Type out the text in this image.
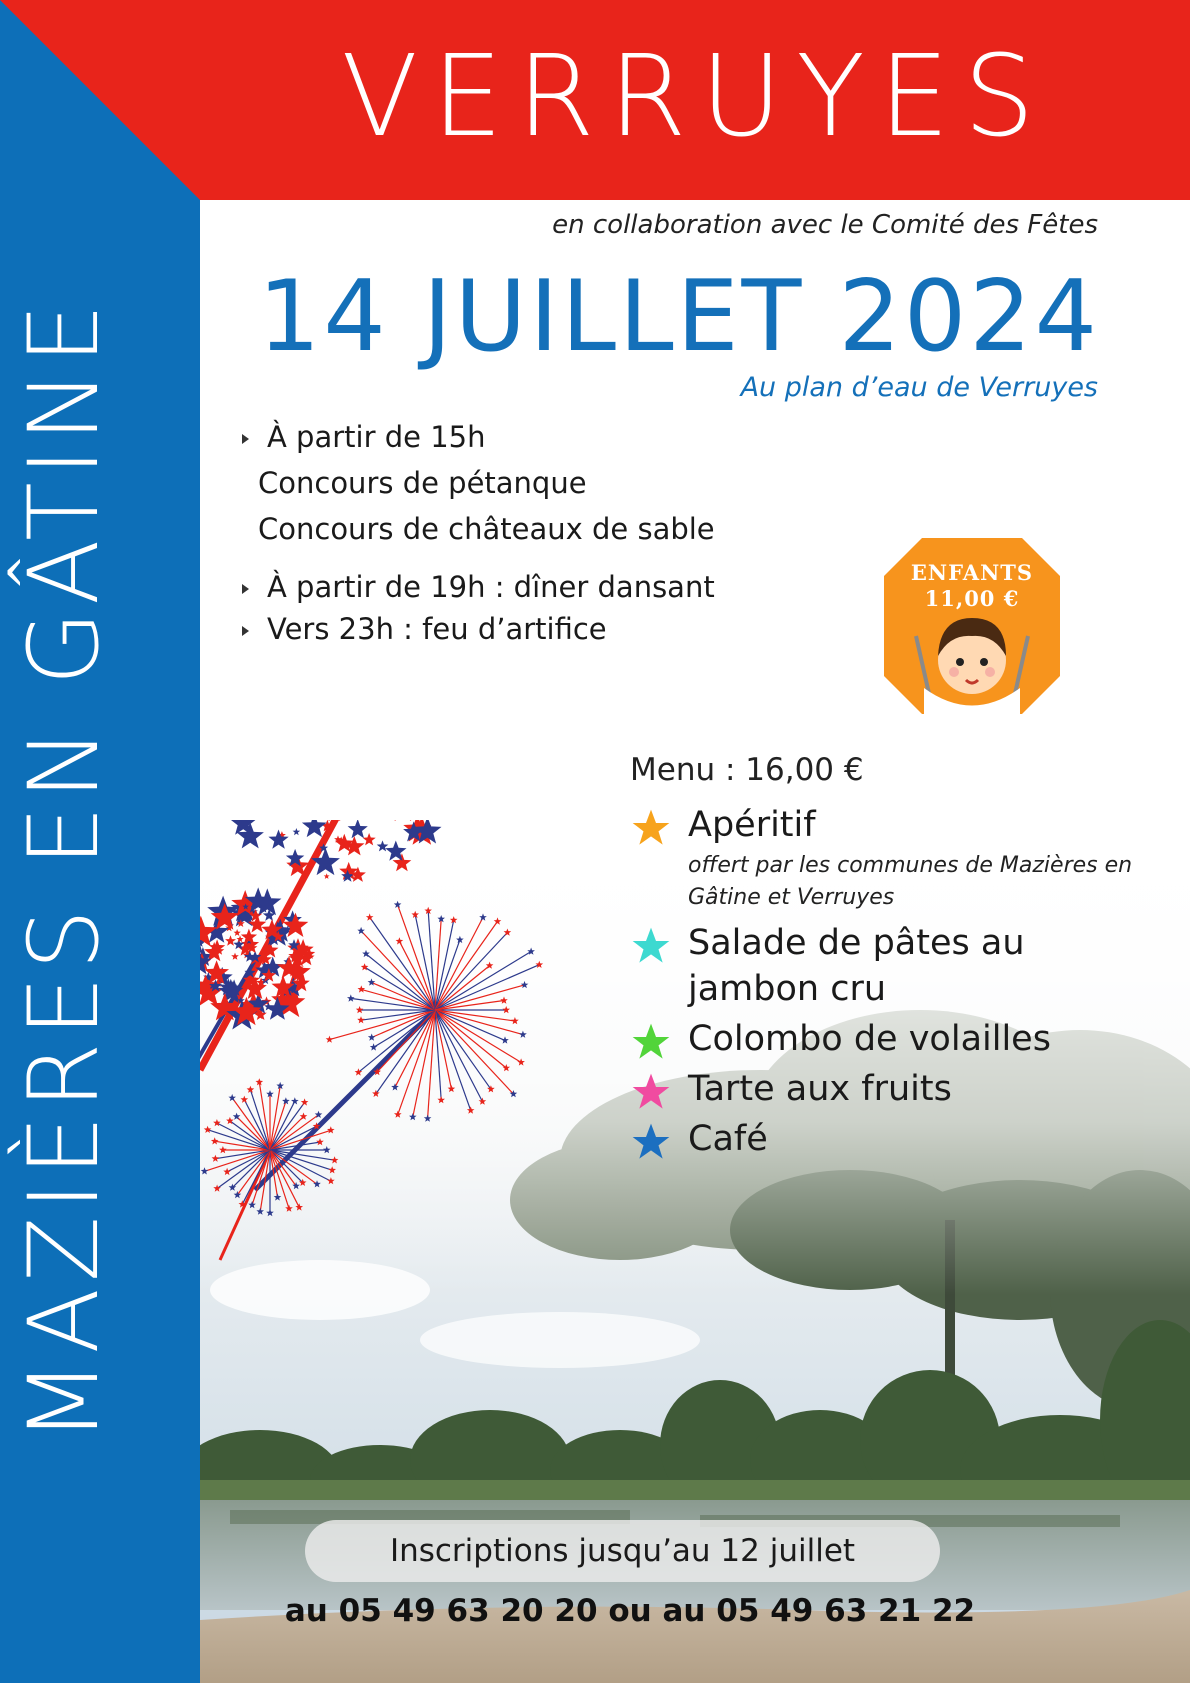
VERRUYES
MAZIÈRES EN GÂTINE
en collaboration avec le Comité des Fêtes
14 JUILLET 2024
Au plan d’eau de Verruyes
À partir de 15h
Concours de pétanque
Concours de châteaux de sable
À partir de 19h : dîner dansant
Vers 23h : feu d’artifice
ENFANTS
11,00 €
Menu : 16,00 €
Apéritif
offert par les communes de Mazières en Gâtine et Verruyes
Salade de pâtes au jambon cru
Colombo de volailles
Tarte aux fruits
Café
Inscriptions jusqu’au 12 juillet
au 05 49 63 20 20 ou au 05 49 63 21 22
